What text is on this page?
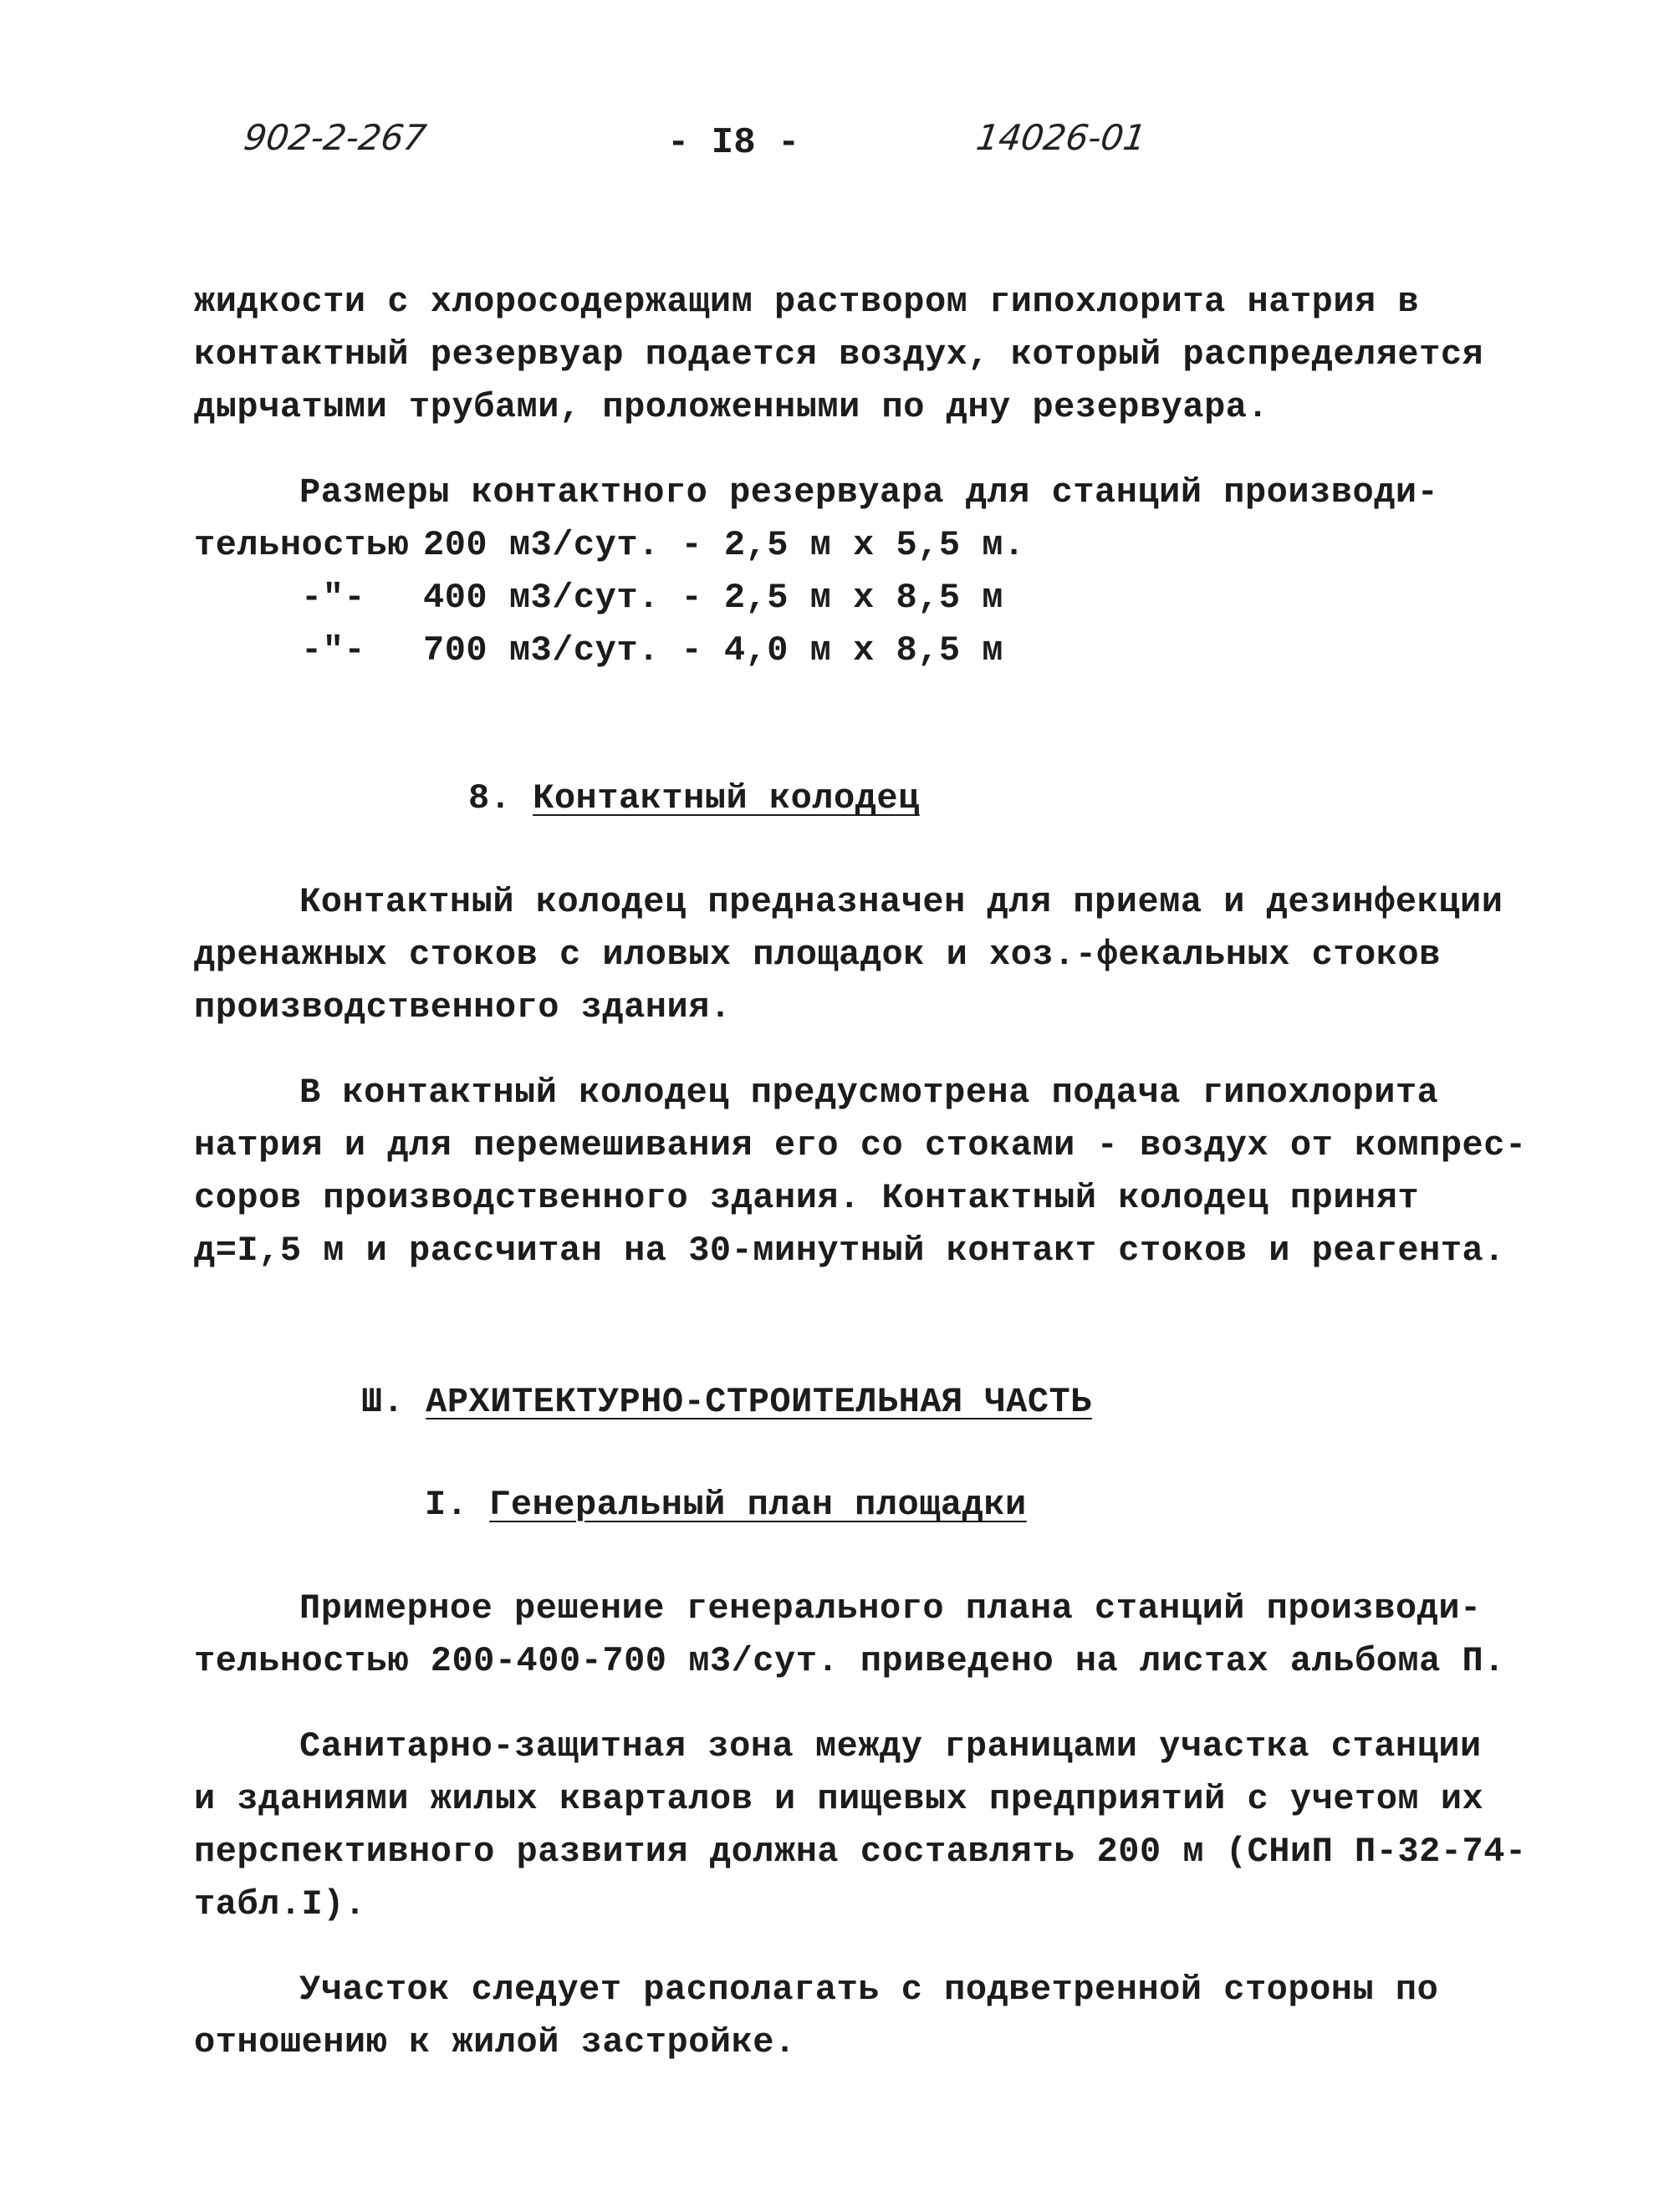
902-2-267	- I8 -	14026-01
жидкости с хлоросодержащим раствором гипохлорита натрия в
контактный резервуар подается воздух, который распределяется
дырчатыми трубами, проложенными по дну резервуара.
Размеры контактного резервуара для станций производи-
тельностью 200 м3/сут. - 2,5 м х 5,5 м.
-"- 400 м3/сут. - 2,5 м х 8,5 м
-"- 700 м3/сут. - 4,0 м х 8,5 м
8. Контактный колодец
Контактный колодец предназначен для приема и дезинфекции
дренажных стоков с иловых площадок и хоз.-фекальных стоков
производственного здания.
В контактный колодец предусмотрена подача гипохлорита
натрия и для перемешивания его со стоками - воздух от компрес-
соров производственного здания. Контактный колодец принят
д=I,5 м и рассчитан на 30-минутный контакт стоков и реагента.
Ш. АРХИТЕКТУРНО-СТРОИТЕЛЬНАЯ ЧАСТЬ
I. Генеральный план площадки
Примерное решение генерального плана станций производи-
тельностью 200-400-700 м3/сут. приведено на листах альбома П.
Санитарно-защитная зона между границами участка станции
и зданиями жилых кварталов и пищевых предприятий с учетом их
перспективного развития должна составлять 200 м (СНиП П-32-74-
табл.I).
Участок следует располагать с подветренной стороны по
отношению к жилой застройке.
